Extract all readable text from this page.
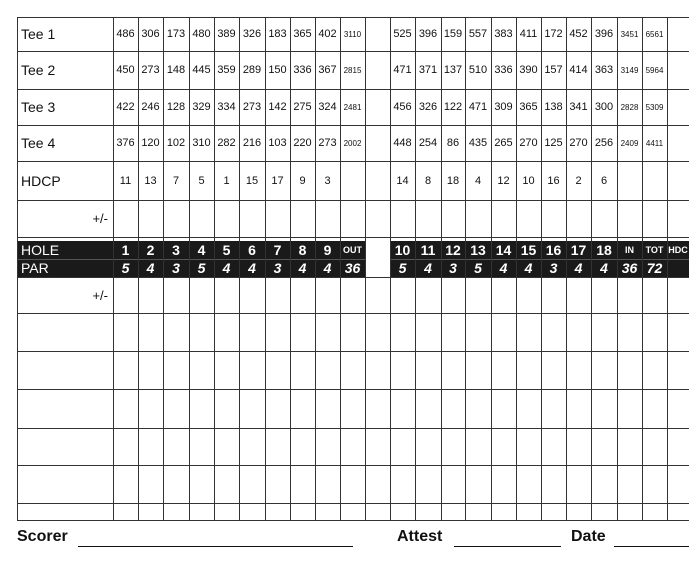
Tee 1	486 306 173 480 389 326 183 365 402 3110	525 396 159 557 383 411 172 452 396 3451 6561
Tee 2	450 273 148 445 359 289 150 336 367 2815	471 371 137 510 336 390 157 414 363 3149 5964
Tee 3	422 246 128 329 334 273 142 275 324 2481	456 326 122 471 309 365 138 341 300 2828 5309
Tee 4	376 120 102 310 282 216 103 220 273 2002	448 254 86 435 265 270 125 270 256 2409 4411
HDCP	11	13	7	5	1	15	17	9	3	14	8	18	4	12	10	16	2	6
+/-
+/-
HOLE	1	2	3	4	5	6	7	8	9	OUT	10 11 12 13 14 15 16 17 18	IN	TOT HDC
PAR	5	4	3	5	4	4	3	4	4 36	5	4	3	5	4	4	3	4	4 36 72
Scorer	Attest	Date
